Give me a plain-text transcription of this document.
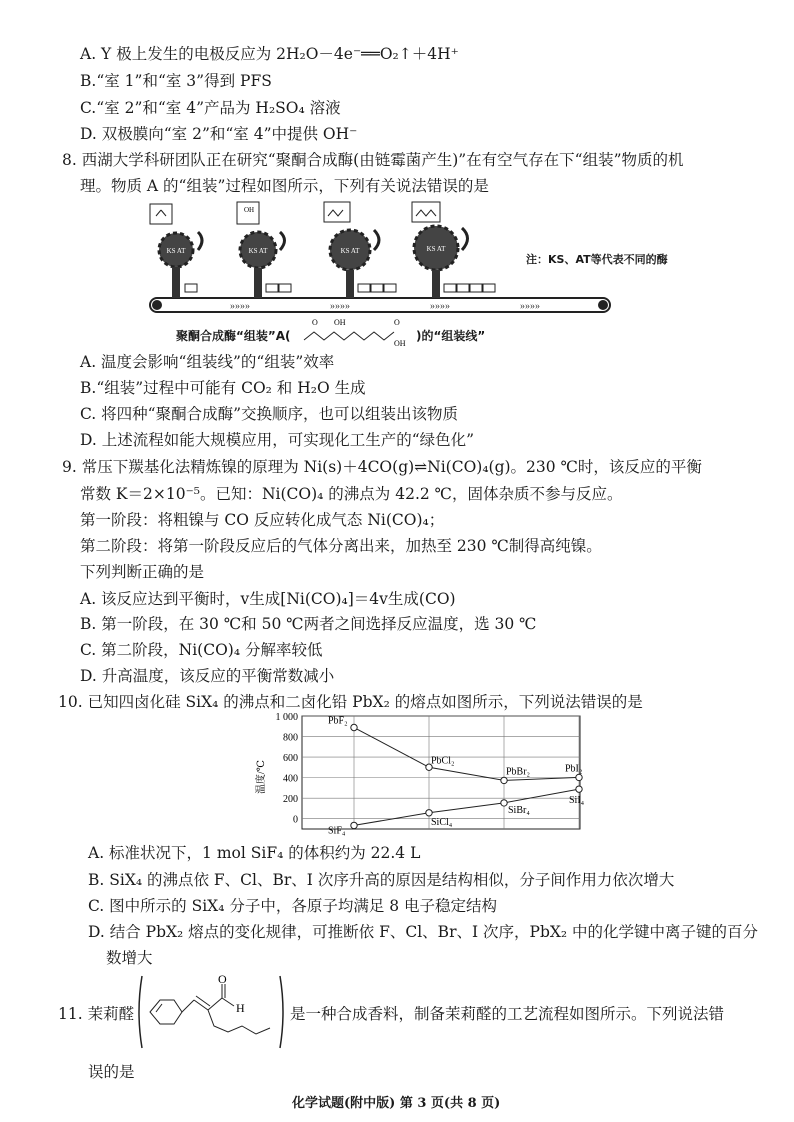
A. Y 极上发生的电极反应为 2H₂O－4e⁻══O₂↑＋4H⁺
B.“室 1”和“室 3”得到 PFS
C.“室 2”和“室 4”产品为 H₂SO₄ 溶液
D. 双极膜向“室 2”和“室 4”中提供 OH⁻
8. 西湖大学科研团队正在研究“聚酮合成酶(由链霉菌产生)”在有空气存在下“组装”物质的机
理。物质 A 的“组装”过程如图所示，下列有关说法错误的是
»»»»	»»»»	»»»»	»»»»
KS AT
OH
KS AT	KS AT	KS AT
注：KS、AT等代表不同的酶
聚酮合成酶“组装”A(
O OH	O
OH
)的“组装线”
A. 温度会影响“组装线”的“组装”效率
B.“组装”过程中可能有 CO₂ 和 H₂O 生成
C. 将四种“聚酮合成酶”交换顺序，也可以组装出该物质
D. 上述流程如能大规模应用，可实现化工生产的“绿色化”
9. 常压下羰基化法精炼镍的原理为 Ni(s)＋4CO(g)⇌Ni(CO)₄(g)。230 ℃时，该反应的平衡
常数 K＝2×10⁻⁵。已知：Ni(CO)₄ 的沸点为 42.2 ℃，固体杂质不参与反应。
第一阶段：将粗镍与 CO 反应转化成气态 Ni(CO)₄；
第二阶段：将第一阶段反应后的气体分离出来，加热至 230 ℃制得高纯镍。
下列判断正确的是
A. 该反应达到平衡时，v生成[Ni(CO)₄]＝4v生成(CO)
B. 第一阶段，在 30 ℃和 50 ℃两者之间选择反应温度，选 30 ℃
C. 第二阶段，Ni(CO)₄ 分解率较低
D. 升高温度，该反应的平衡常数减小
10. 已知四卤化硅 SiX₄ 的沸点和二卤化铅 PbX₂ 的熔点如图所示，下列说法错误的是
温度/℃
1 000
800
600
400
200
0
PbF₂
PbCl₂
PbBr₂	PbI₂
SiF₄
SiCl₄
SiBr₄
SiI₄
A. 标准状况下，1 mol SiF₄ 的体积约为 22.4 L
B. SiX₄ 的沸点依 F、Cl、Br、I 次序升高的原因是结构相似，分子间作用力依次增大
C. 图中所示的 SiX₄ 分子中，各原子均满足 8 电子稳定结构
D. 结合 PbX₂ 熔点的变化规律，可推断依 F、Cl、Br、I 次序，PbX₂ 中的化学键中离子键的百分
数增大
11. 茉莉醛
O
H	是一种合成香料，制备茉莉醛的工艺流程如图所示。下列说法错
误的是
化学试题(附中版) 第 3 页(共 8 页)
